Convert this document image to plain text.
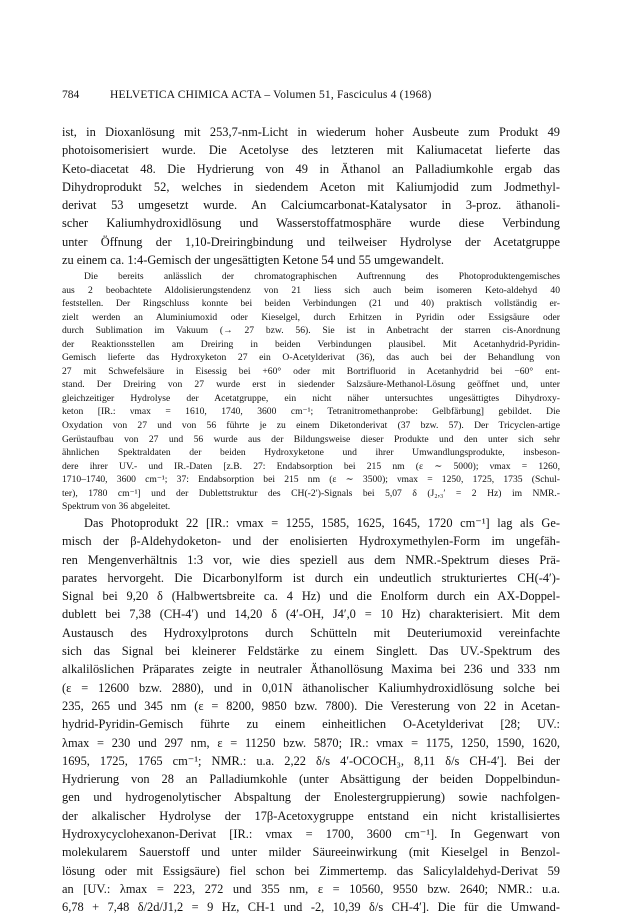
784	HELVETICA CHIMICA ACTA – Volumen 51, Fasciculus 4 (1968)
ist, in Dioxanlösung mit 253,7-nm-Licht in wiederum hoher Ausbeute zum Produkt 49
photoisomerisiert wurde. Die Acetolyse des letzteren mit Kaliumacetat lieferte das
Keto-diacetat 48. Die Hydrierung von 49 in Äthanol an Palladiumkohle ergab das
Dihydroprodukt 52, welches in siedendem Aceton mit Kaliumjodid zum Jodmethyl-
derivat 53 umgesetzt wurde. An Calciumcarbonat-Katalysator in 3-proz. äthanoli-
scher Kaliumhydroxidlösung und Wasserstoffatmosphäre wurde diese Verbindung
unter Öffnung der 1,10-Dreiringbindung und teilweiser Hydrolyse der Acetatgruppe
zu einem ca. 1:4-Gemisch der ungesättigten Ketone 54 und 55 umgewandelt.
Die bereits anlässlich der chromatographischen Auftrennung des Photoproduktengemisches
aus 2 beobachtete Aldolisierungstendenz von 21 liess sich auch beim isomeren Keto-aldehyd 40
feststellen. Der Ringschluss konnte bei beiden Verbindungen (21 und 40) praktisch vollständig er-
zielt werden an Aluminiumoxid oder Kieselgel, durch Erhitzen in Pyridin oder Essigsäure oder
durch Sublimation im Vakuum (→ 27 bzw. 56). Sie ist in Anbetracht der starren cis-Anordnung
der Reaktionsstellen am Dreiring in beiden Verbindungen plausibel. Mit Acetanhydrid-Pyridin-
Gemisch lieferte das Hydroxyketon 27 ein O-Acetylderivat (36), das auch bei der Behandlung von
27 mit Schwefelsäure in Eisessig bei +60° oder mit Bortrifluorid in Acetanhydrid bei −60° ent-
stand. Der Dreiring von 27 wurde erst in siedender Salzsäure-Methanol-Lösung geöffnet und, unter
gleichzeitiger Hydrolyse der Acetatgruppe, ein nicht näher untersuchtes ungesättigtes Dihydroxy-
keton [IR.: νmax = 1610, 1740, 3600 cm⁻¹; Tetranitromethanprobe: Gelbfärbung] gebildet. Die
Oxydation von 27 und von 56 führte je zu einem Diketonderivat (37 bzw. 57). Der Tricyclen-artige
Gerüstaufbau von 27 und 56 wurde aus der Bildungsweise dieser Produkte und den unter sich sehr
ähnlichen Spektraldaten der beiden Hydroxyketone und ihrer Umwandlungsprodukte, insbeson-
dere ihrer UV.- und IR.-Daten [z.B. 27: Endabsorption bei 215 nm (ε ∼ 5000); νmax = 1260,
1710–1740, 3600 cm⁻¹; 37: Endabsorption bei 215 nm (ε ∼ 3500); νmax = 1250, 1725, 1735 (Schul-
ter), 1780 cm⁻¹] und der Dublettstruktur des CH(-2′)-Signals bei 5,07 δ (J₂,₃′ = 2 Hz) im NMR.-
Spektrum von 36 abgeleitet.
Das Photoprodukt 22 [IR.: νmax = 1255, 1585, 1625, 1645, 1720 cm⁻¹] lag als Ge-
misch der β-Aldehydoketon- und der enolisierten Hydroxymethylen-Form im ungefäh-
ren Mengenverhältnis 1:3 vor, wie dies speziell aus dem NMR.-Spektrum dieses Prä-
parates hervorgeht. Die Dicarbonylform ist durch ein undeutlich strukturiertes CH(-4′)-
Signal bei 9,20 δ (Halbwertsbreite ca. 4 Hz) und die Enolform durch ein AX-Doppel-
dublett bei 7,38 (CH-4′) und 14,20 δ (4′-OH, J4′,0 = 10 Hz) charakterisiert. Mit dem
Austausch des Hydroxylprotons durch Schütteln mit Deuteriumoxid vereinfachte
sich das Signal bei kleinerer Feldstärke zu einem Singlett. Das UV.-Spektrum des
alkalilöslichen Präparates zeigte in neutraler Äthanollösung Maxima bei 236 und 333 nm
(ε = 12600 bzw. 2880), und in 0,01N äthanolischer Kaliumhydroxidlösung solche bei
235, 265 und 345 nm (ε = 8200, 9850 bzw. 7800). Die Veresterung von 22 in Acetan-
hydrid-Pyridin-Gemisch führte zu einem einheitlichen O-Acetylderivat [28; UV.:
λmax = 230 und 297 nm, ε = 11250 bzw. 5870; IR.: νmax = 1175, 1250, 1590, 1620,
1695, 1725, 1765 cm⁻¹; NMR.: u.a. 2,22 δ/s 4′-OCOCH₃, 8,11 δ/s CH-4′]. Bei der
Hydrierung von 28 an Palladiumkohle (unter Absättigung der beiden Doppelbindun-
gen und hydrogenolytischer Abspaltung der Enolestergruppierung) sowie nachfolgen-
der alkalischer Hydrolyse der 17β-Acetoxygruppe entstand ein nicht kristallisiertes
Hydroxycyclohexanon-Derivat [IR.: νmax = 1700, 3600 cm⁻¹]. In Gegenwart von
molekularem Sauerstoff und unter milder Säureeinwirkung (mit Kieselgel in Benzol-
lösung oder mit Essigsäure) fiel schon bei Zimmertemp. das Salicylaldehyd-Derivat 59
an [UV.: λmax = 223, 272 und 355 nm, ε = 10560, 9550 bzw. 2640; NMR.: u.a.
6,78 + 7,48 δ/2d/J1,2 = 9 Hz, CH-1 und -2, 10,39 δ/s CH-4′]. Die für die Umwand-
